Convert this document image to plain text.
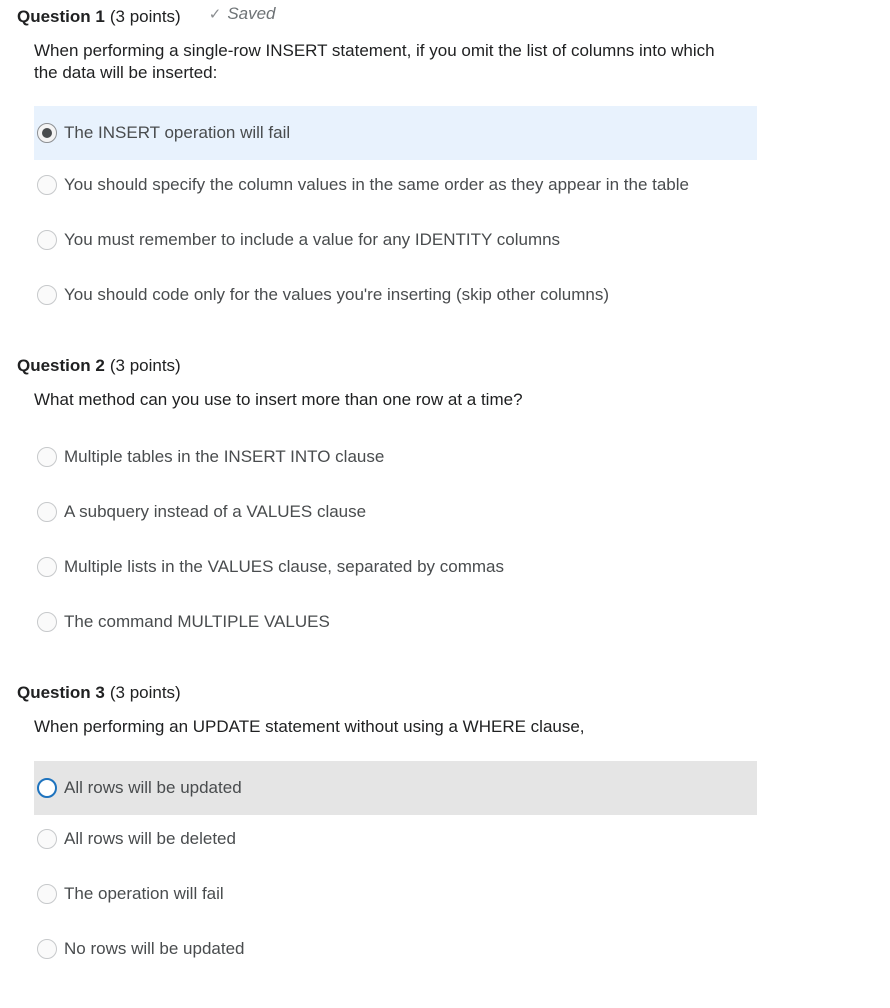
Question 1 (3 points) ✓ Saved
When performing a single-row INSERT statement, if you omit the list of columns into which the data will be inserted:
The INSERT operation will fail
You should specify the column values in the same order as they appear in the table
You must remember to include a value for any IDENTITY columns
You should code only for the values you're inserting (skip other columns)
Question 2 (3 points)
What method can you use to insert more than one row at a time?
Multiple tables in the INSERT INTO clause
A subquery instead of a VALUES clause
Multiple lists in the VALUES clause, separated by commas
The command MULTIPLE VALUES
Question 3 (3 points)
When performing an UPDATE statement without using a WHERE clause,
All rows will be updated
All rows will be deleted
The operation will fail
No rows will be updated
